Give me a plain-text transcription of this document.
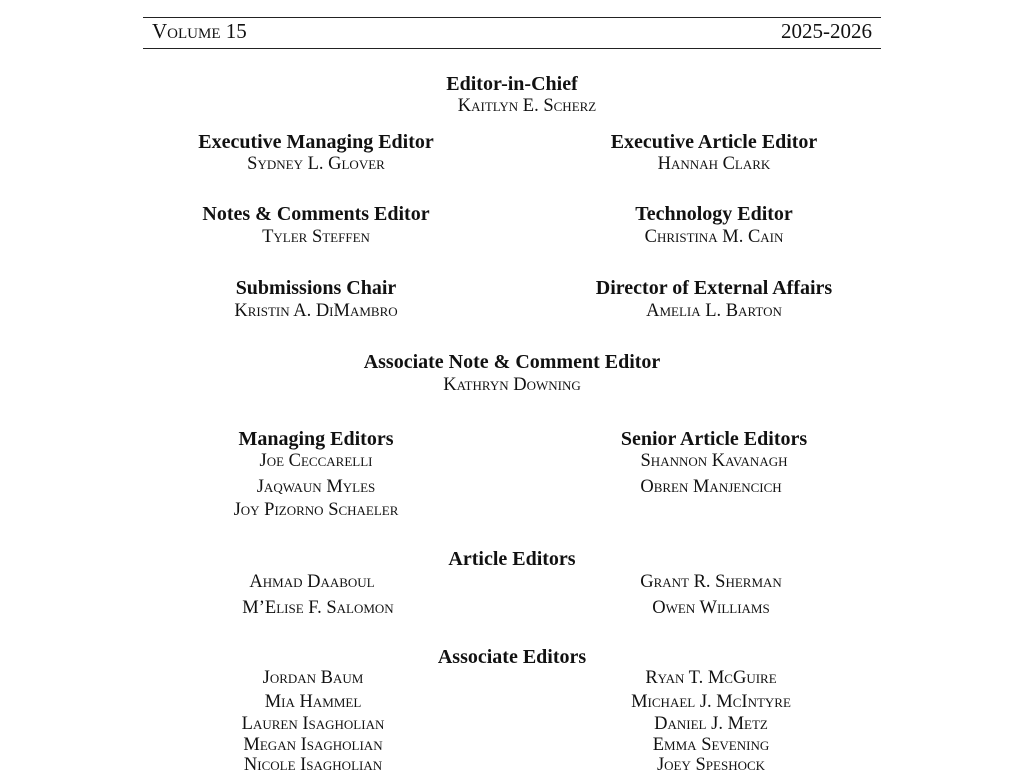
Volume 15	2025-2026
Editor-in-Chief
Kaitlyn E. Scherz
Executive Managing Editor
Sydney L. Glover
Executive Article Editor
Hannah Clark
Notes & Comments Editor
Tyler Steffen
Technology Editor
Christina M. Cain
Submissions Chair
Kristin A. DiMambro
Director of External Affairs
Amelia L. Barton
Associate Note & Comment Editor
Kathryn Downing
Managing Editors
Joe Ceccarelli
Jaqwaun Myles
Joy Pizorno Schaeler
Senior Article Editors
Shannon Kavanagh
Obren Manjencich
Article Editors
Ahmad Daaboul
M’Elise F. Salomon
Grant R. Sherman
Owen Williams
Associate Editors
Jordan Baum
Mia Hammel
Lauren Isagholian
Megan Isagholian
Nicole Isagholian
Ryan T. McGuire
Michael J. McIntyre
Daniel J. Metz
Emma Sevening
Joey Speshock
